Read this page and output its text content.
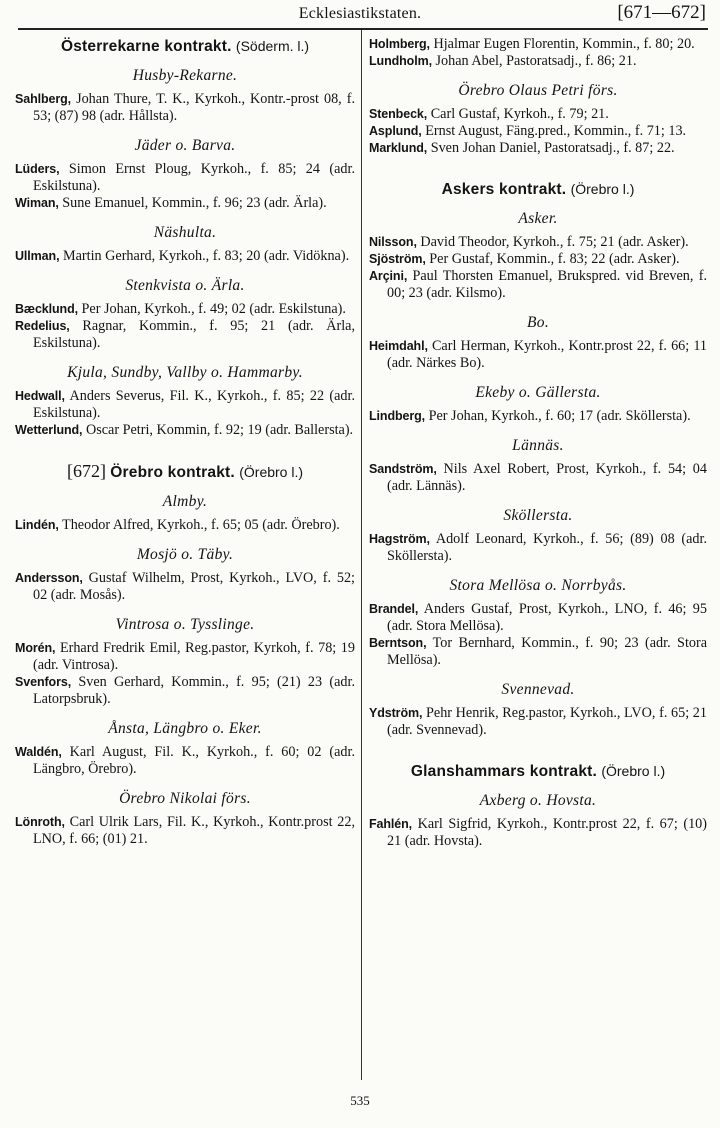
Ecklesiastikstaten.	[671—672]
Österrekarne kontrakt. (Söderm. l.)
Husby-Rekarne.
Sahlberg, Johan Thure, T. K., Kyrkoh., Kontr.-prost 08, f. 53; (87) 98 (adr. Hållsta).
Jäder o. Barva.
Lüders, Simon Ernst Ploug, Kyrkoh., f. 85; 24 (adr. Eskilstuna).
Wiman, Sune Emanuel, Kommin., f. 96; 23 (adr. Ärla).
Näshulta.
Ullman, Martin Gerhard, Kyrkoh., f. 83; 20 (adr. Vidökna).
Stenkvista o. Ärla.
Bæcklund, Per Johan, Kyrkoh., f. 49; 02 (adr. Eskilstuna).
Redelius, Ragnar, Kommin., f. 95; 21 (adr. Ärla, Eskilstuna).
Kjula, Sundby, Vallby o. Hammarby.
Hedwall, Anders Severus, Fil. K., Kyrkoh., f. 85; 22 (adr. Eskilstuna).
Wetterlund, Oscar Petri, Kommin, f. 92; 19 (adr. Ballersta).
[672] Örebro kontrakt. (Örebro l.)
Almby.
Lindén, Theodor Alfred, Kyrkoh., f. 65; 05 (adr. Örebro).
Mosjö o. Täby.
Andersson, Gustaf Wilhelm, Prost, Kyrkoh., LVO, f. 52; 02 (adr. Mosås).
Vintrosa o. Tysslinge.
Morén, Erhard Fredrik Emil, Reg.pastor, Kyrkoh, f. 78; 19 (adr. Vintrosa).
Svenfors, Sven Gerhard, Kommin., f. 95; (21) 23 (adr. Latorpsbruk).
Ånsta, Längbro o. Eker.
Waldén, Karl August, Fil. K., Kyrkoh., f. 60; 02 (adr. Längbro, Örebro).
Örebro Nikolai förs.
Lönroth, Carl Ulrik Lars, Fil. K., Kyrkoh., Kontr.prost 22, LNO, f. 66; (01) 21.
Holmberg, Hjalmar Eugen Florentin, Kommin., f. 80; 20.
Lundholm, Johan Abel, Pastoratsadj., f. 86; 21.
Örebro Olaus Petri förs.
Stenbeck, Carl Gustaf, Kyrkoh., f. 79; 21.
Asplund, Ernst August, Fäng.pred., Kommin., f. 71; 13.
Marklund, Sven Johan Daniel, Pastoratsadj., f. 87; 22.
Askers kontrakt. (Örebro l.)
Asker.
Nilsson, David Theodor, Kyrkoh., f. 75; 21 (adr. Asker).
Sjöström, Per Gustaf, Kommin., f. 83; 22 (adr. Asker).
Arçini, Paul Thorsten Emanuel, Brukspred. vid Breven, f. 00; 23 (adr. Kilsmo).
Bo.
Heimdahl, Carl Herman, Kyrkoh., Kontr.prost 22, f. 66; 11 (adr. Närkes Bo).
Ekeby o. Gällersta.
Lindberg, Per Johan, Kyrkoh., f. 60; 17 (adr. Sköllersta).
Lännäs.
Sandström, Nils Axel Robert, Prost, Kyrkoh., f. 54; 04 (adr. Lännäs).
Sköllersta.
Hagström, Adolf Leonard, Kyrkoh., f. 56; (89) 08 (adr. Sköllersta).
Stora Mellösa o. Norrbyås.
Brandel, Anders Gustaf, Prost, Kyrkoh., LNO, f. 46; 95 (adr. Stora Mellösa).
Berntson, Tor Bernhard, Kommin., f. 90; 23 (adr. Stora Mellösa).
Svennevad.
Ydström, Pehr Henrik, Reg.pastor, Kyrkoh., LVO, f. 65; 21 (adr. Svennevad).
Glanshammars kontrakt. (Örebro l.)
Axberg o. Hovsta.
Fahlén, Karl Sigfrid, Kyrkoh., Kontr.prost 22, f. 67; (10) 21 (adr. Hovsta).
535
